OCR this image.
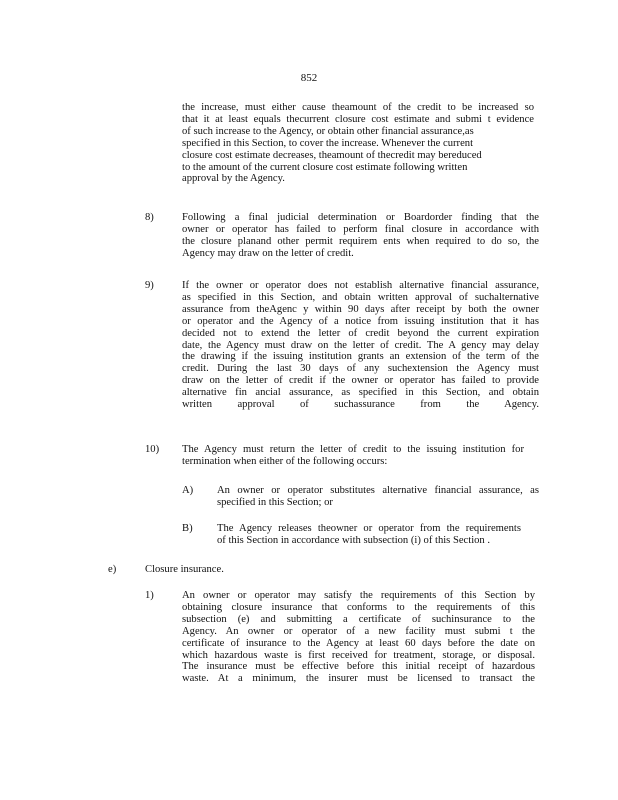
852
the increase, must either cause theamount of the credit to be increased so
that it at least equals thecurrent closure cost estimate and submi t evidence
of such increase to the Agency, or obtain other financial assurance,as
specified in this Section, to cover the increase. Whenever the current
closure cost estimate decreases, theamount of thecredit may bereduced
to the amount of the current closure cost estimate following written
approval by the Agency.
8)	Following a final judicial determination or Boardorder finding that the
owner or operator has failed to perform final closure in accordance with
the closure planand other permit requirem ents when required to do so, the
Agency may draw on the letter of credit.
9)	If the owner or operator does not establish alternative financial assurance,
as specified in this Section, and obtain written approval of suchalternative
assurance from theAgenc y within 90 days after receipt by both the owner
or operator and the Agency of a notice from issuing institution that it has
decided not to extend the letter of credit beyond the current expiration
date, the Agency must draw on the letter of credit. The A gency may delay
the drawing if the issuing institution grants an extension of the term of the
credit. During the last 30 days of any suchextension the Agency must
draw on the letter of credit if the owner or operator has failed to provide
alternative fin ancial assurance, as specified in this Section, and obtain
written approval of suchassurance from the Agency.
10) The Agency must return the letter of credit to the issuing institution for
termination when either of the following occurs:
A) An owner or operator substitutes alternative financial assurance, as
specified in this Section; or
B) The Agency releases theowner or operator from the requirements
of this Section in accordance with subsection (i) of this Section .
e)	Closure insurance.
1)	An owner or operator may satisfy the requirements of this Section by
obtaining closure insurance that conforms to the requirements of this
subsection (e) and submitting a certificate of suchinsurance to the
Agency. An owner or operator of a new facility must submi t the
certificate of insurance to the Agency at least 60 days before the date on
which hazardous waste is first received for treatment, storage, or disposal.
The insurance must be effective before this initial receipt of hazardous
waste. At a minimum, the insurer must be licensed to transact the
